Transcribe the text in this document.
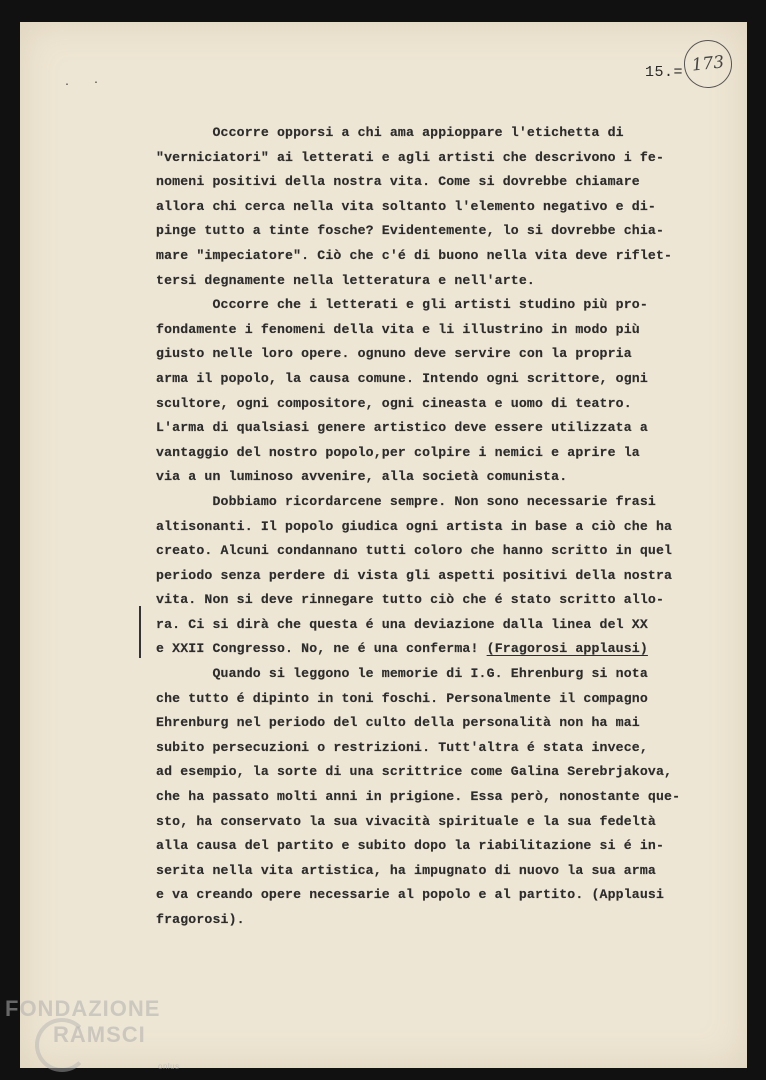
· ·
15.= 173
Occorre opporsi a chi ama appioppare l'etichetta di
"verniciatori" ai letterati e agli artisti che descrivono i fe-
nomeni positivi della nostra vita. Come si dovrebbe chiamare
allora chi cerca nella vita soltanto l'elemento negativo e di-
pinge tutto a tinte fosche? Evidentemente, lo si dovrebbe chia-
mare "impeciatore". Ciò che c'é di buono nella vita deve riflet-
tersi degnamente nella letteratura e nell'arte.
Occorre che i letterati e gli artisti studino più pro-
fondamente i fenomeni della vita e li illustrino in modo più
giusto nelle loro opere. ognuno deve servire con la propria
arma il popolo, la causa comune. Intendo ogni scrittore, ogni
scultore, ogni compositore, ogni cineasta e uomo di teatro.
L'arma di qualsiasi genere artistico deve essere utilizzata a
vantaggio del nostro popolo,per colpire i nemici e aprire la
via a un luminoso avvenire, alla società comunista.
Dobbiamo ricordarcene sempre. Non sono necessarie frasi
altisonanti. Il popolo giudica ogni artista in base a ciò che ha
creato. Alcuni condannano tutti coloro che hanno scritto in quel
periodo senza perdere di vista gli aspetti positivi della nostra
vita. Non si deve rinnegare tutto ciò che é stato scritto allo-
ra. Ci si dirà che questa é una deviazione dalla linea del XX
e XXII Congresso. No, ne é una conferma! (Fragorosi applausi)
Quando si leggono le memorie di I.G. Ehrenburg si nota
che tutto é dipinto in toni foschi. Personalmente il compagno
Ehrenburg nel periodo del culto della personalità non ha mai
subito persecuzioni o restrizioni. Tutt'altra é stata invece,
ad esempio, la sorte di una scrittrice come Galina Serebrjakova,
che ha passato molti anni in prigione. Essa però, nonostante que-
sto, ha conservato la sua vivacità spirituale e la sua fedeltà
alla causa del partito e subito dopo la riabilitazione si é in-
serita nella vita artistica, ha impugnato di nuovo la sua arma
e va creando opere necessarie al popolo e al partito. (Applausi
fragorosi).
FONDAZIONE
RAMSCI
onlus
